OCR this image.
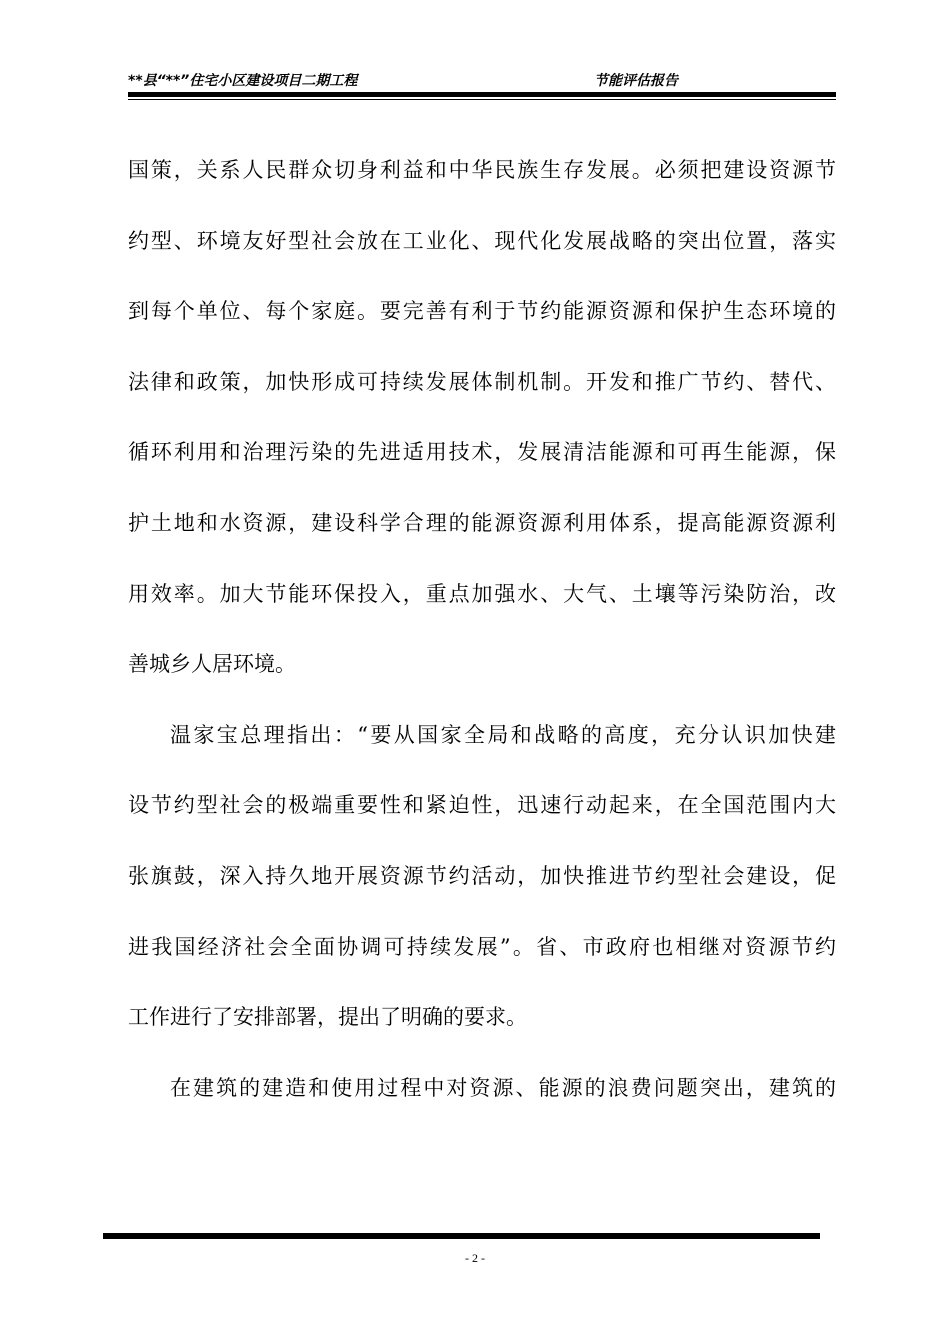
**县“**”住宅小区建设项目二期工程	节能评估报告
国策，关系人民群众切身利益和中华民族生存发展。必须把建设资源节
约型、环境友好型社会放在工业化、现代化发展战略的突出位置，落实
到每个单位、每个家庭。要完善有利于节约能源资源和保护生态环境的
法律和政策，加快形成可持续发展体制机制。开发和推广节约、替代、
循环利用和治理污染的先进适用技术，发展清洁能源和可再生能源，保
护土地和水资源，建设科学合理的能源资源利用体系，提高能源资源利
用效率。加大节能环保投入，重点加强水、大气、土壤等污染防治，改
善城乡人居环境。
温家宝总理指出：“要从国家全局和战略的高度，充分认识加快建
设节约型社会的极端重要性和紧迫性，迅速行动起来，在全国范围内大
张旗鼓，深入持久地开展资源节约活动，加快推进节约型社会建设，促
进我国经济社会全面协调可持续发展”。省、市政府也相继对资源节约
工作进行了安排部署，提出了明确的要求。
在建筑的建造和使用过程中对资源、能源的浪费问题突出，建筑的
- 2 -
